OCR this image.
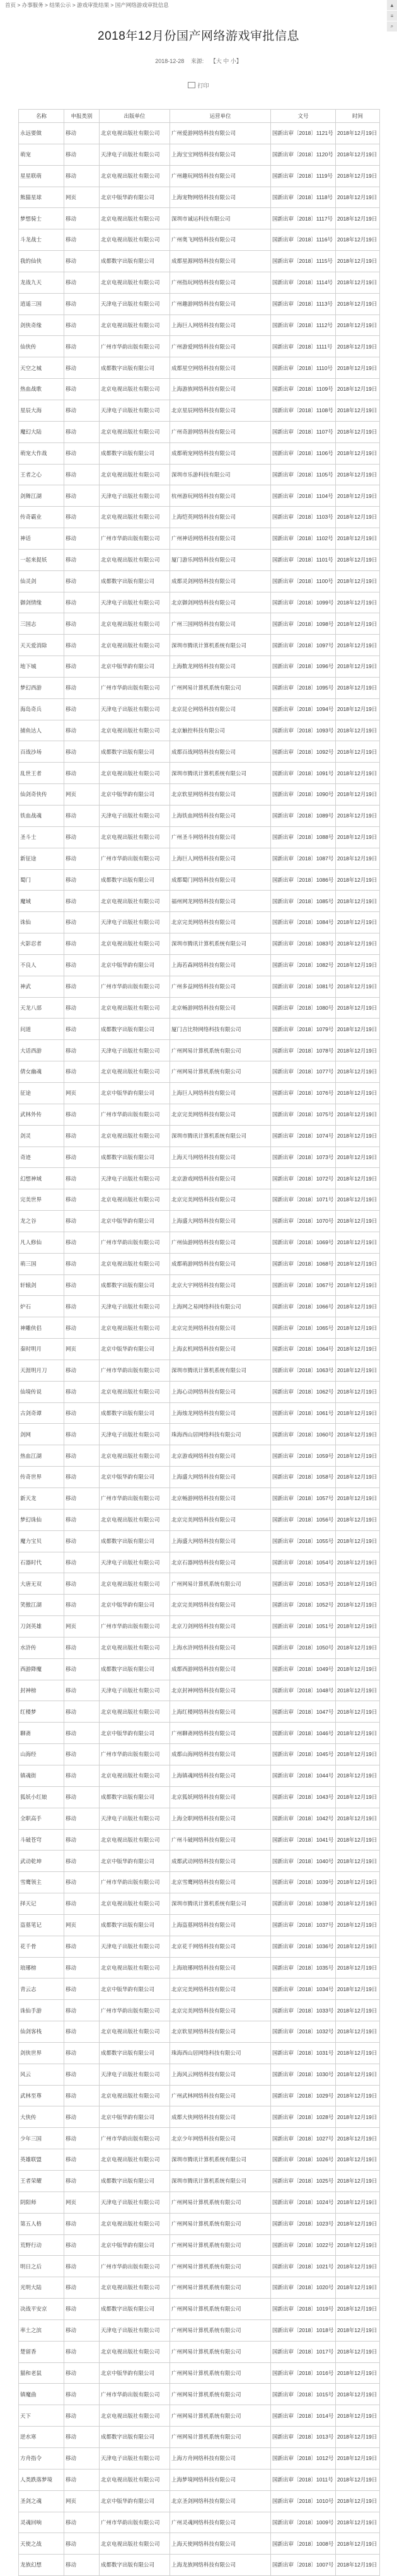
首页 > 办事服务 > 结果公示 > 游戏审批结果 > 国产网络游戏审批信息	▲
≡
⌕
2018年12月份国产网络游戏审批信息
2018-12-28 来源: 【大 中 小】
打印
名称	申报类别	出版单位	运营单位	文号	时间
永远要做	移动	北京电视出版社有限公司	广州爱游网络科技有限公司	国新出审〔2018〕1121号	2018年12月19日
萌宠	移动	天津电子出版社有限公司	上海宝宝网络科技有限公司	国新出审〔2018〕1120号	2018年12月19日
星星联萌	移动	北京电视出版社有限公司	广州趣玩网络科技有限公司	国新出审〔2018〕1119号	2018年12月19日
熊猫星球	网页	北京中版华韵有限公司	上海宠物网络科技有限公司	国新出审〔2018〕1118号	2018年12月19日
梦想骑士	移动	北京电视出版社有限公司	深圳市诚运科技有限公司	国新出审〔2018〕1117号	2018年12月19日
斗龙战士	移动	北京电视出版社有限公司	广州奥飞网络科技有限公司	国新出审〔2018〕1116号	2018年12月19日
我的仙侠	移动	成都数字出版有限公司	成都星源网络科技有限公司	国新出审〔2018〕1115号	2018年12月19日
龙战九天	移动	北京电视出版社有限公司	广州指玩网络科技有限公司	国新出审〔2018〕1114号	2018年12月19日
逍遥三国	移动	天津电子出版社有限公司	广州趣游网络科技有限公司	国新出审〔2018〕1113号	2018年12月19日
剑侠奇缘	移动	北京电视出版社有限公司	上海巨人网络科技有限公司	国新出审〔2018〕1112号	2018年12月19日
仙侠传	移动	广州市华韵出版有限公司	广州游爱网络科技有限公司	国新出审〔2018〕1111号	2018年12月19日
天空之城	移动	成都数字出版有限公司	成都星空网络科技有限公司	国新出审〔2018〕1110号	2018年12月19日
热血战歌	移动	北京电视出版社有限公司	上海游族网络科技有限公司	国新出审〔2018〕1109号	2018年12月19日
星辰大海	移动	天津电子出版社有限公司	北京星辰网络科技有限公司	国新出审〔2018〕1108号	2018年12月19日
魔幻大陆	移动	北京电视出版社有限公司	广州奇游网络科技有限公司	国新出审〔2018〕1107号	2018年12月19日
萌宠大作战	移动	成都数字出版有限公司	成都萌宠网络科技有限公司	国新出审〔2018〕1106号	2018年12月19日
王者之心	移动	北京电视出版社有限公司	深圳市乐游科技有限公司	国新出审〔2018〕1105号	2018年12月19日
剑舞江湖	移动	天津电子出版社有限公司	杭州游玩网络科技有限公司	国新出审〔2018〕1104号	2018年12月19日
传奇霸业	移动	北京电视出版社有限公司	上海恺英网络科技有限公司	国新出审〔2018〕1103号	2018年12月19日
神话	移动	广州市华韵出版有限公司	广州神话网络科技有限公司	国新出审〔2018〕1102号	2018年12月19日
一起来捉妖	移动	北京电视出版社有限公司	厦门游乐网络科技有限公司	国新出审〔2018〕1101号	2018年12月19日
仙灵剑	移动	成都数字出版有限公司	成都灵剑网络科技有限公司	国新出审〔2018〕1100号	2018年12月19日
御剑情缘	移动	天津电子出版社有限公司	北京御剑网络科技有限公司	国新出审〔2018〕1099号	2018年12月19日
三国志	移动	北京电视出版社有限公司	广州三国网络科技有限公司	国新出审〔2018〕1098号	2018年12月19日
天天爱消除	移动	北京电视出版社有限公司	深圳市腾讯计算机系统有限公司	国新出审〔2018〕1097号	2018年12月19日
地下城	移动	北京中版华韵有限公司	上海数龙网络科技有限公司	国新出审〔2018〕1096号	2018年12月19日
梦幻西游	移动	广州市华韵出版有限公司	广州网易计算机系统有限公司	国新出审〔2018〕1095号	2018年12月19日
海岛奇兵	移动	天津电子出版社有限公司	北京昆仑网络科技有限公司	国新出审〔2018〕1094号	2018年12月19日
捕鱼达人	移动	北京电视出版社有限公司	北京触控科技有限公司	国新出审〔2018〕1093号	2018年12月19日
百战沙场	移动	成都数字出版有限公司	成都百战网络科技有限公司	国新出审〔2018〕1092号	2018年12月19日
乱世王者	移动	北京电视出版社有限公司	深圳市腾讯计算机系统有限公司	国新出审〔2018〕1091号	2018年12月19日
仙剑奇侠传	网页	北京中版华韵有限公司	北京软星网络科技有限公司	国新出审〔2018〕1090号	2018年12月19日
铁血战魂	移动	天津电子出版社有限公司	上海铁血网络科技有限公司	国新出审〔2018〕1089号	2018年12月19日
圣斗士	移动	北京电视出版社有限公司	广州圣斗网络科技有限公司	国新出审〔2018〕1088号	2018年12月19日
新征途	移动	广州市华韵出版有限公司	上海巨人网络科技有限公司	国新出审〔2018〕1087号	2018年12月19日
蜀门	移动	成都数字出版有限公司	成都蜀门网络科技有限公司	国新出审〔2018〕1086号	2018年12月19日
魔域	移动	北京电视出版社有限公司	福州网龙网络科技有限公司	国新出审〔2018〕1085号	2018年12月19日
诛仙	移动	天津电子出版社有限公司	北京完美网络科技有限公司	国新出审〔2018〕1084号	2018年12月19日
火影忍者	移动	北京电视出版社有限公司	深圳市腾讯计算机系统有限公司	国新出审〔2018〕1083号	2018年12月19日
不良人	移动	北京中版华韵有限公司	上海若森网络科技有限公司	国新出审〔2018〕1082号	2018年12月19日
神武	移动	广州市华韵出版有限公司	广州多益网络科技有限公司	国新出审〔2018〕1081号	2018年12月19日
天龙八部	移动	北京电视出版社有限公司	北京畅游网络科技有限公司	国新出审〔2018〕1080号	2018年12月19日
问道	移动	成都数字出版有限公司	厦门吉比特网络科技有限公司	国新出审〔2018〕1079号	2018年12月19日
大话西游	移动	天津电子出版社有限公司	广州网易计算机系统有限公司	国新出审〔2018〕1078号	2018年12月19日
倩女幽魂	移动	北京电视出版社有限公司	广州网易计算机系统有限公司	国新出审〔2018〕1077号	2018年12月19日
征途	网页	北京中版华韵有限公司	上海巨人网络科技有限公司	国新出审〔2018〕1076号	2018年12月19日
武林外传	移动	广州市华韵出版有限公司	北京完美网络科技有限公司	国新出审〔2018〕1075号	2018年12月19日
剑灵	移动	北京电视出版社有限公司	深圳市腾讯计算机系统有限公司	国新出审〔2018〕1074号	2018年12月19日
奇迹	移动	成都数字出版有限公司	上海天马网络科技有限公司	国新出审〔2018〕1073号	2018年12月19日
幻想神域	移动	天津电子出版社有限公司	北京游戏网络科技有限公司	国新出审〔2018〕1072号	2018年12月19日
完美世界	移动	北京电视出版社有限公司	北京完美网络科技有限公司	国新出审〔2018〕1071号	2018年12月19日
龙之谷	移动	北京中版华韵有限公司	上海盛大网络科技有限公司	国新出审〔2018〕1070号	2018年12月19日
凡人修仙	移动	广州市华韵出版有限公司	广州仙游网络科技有限公司	国新出审〔2018〕1069号	2018年12月19日
萌三国	移动	北京电视出版社有限公司	成都萌游网络科技有限公司	国新出审〔2018〕1068号	2018年12月19日
轩辕剑	移动	成都数字出版有限公司	北京大宇网络科技有限公司	国新出审〔2018〕1067号	2018年12月19日
炉石	移动	天津电子出版社有限公司	上海网之易网络科技有限公司	国新出审〔2018〕1066号	2018年12月19日
神雕侠侣	移动	北京电视出版社有限公司	北京完美网络科技有限公司	国新出审〔2018〕1065号	2018年12月19日
秦时明月	网页	北京中版华韵有限公司	上海玄机网络科技有限公司	国新出审〔2018〕1064号	2018年12月19日
天涯明月刀	移动	广州市华韵出版有限公司	深圳市腾讯计算机系统有限公司	国新出审〔2018〕1063号	2018年12月19日
仙境传说	移动	北京电视出版社有限公司	上海心动网络科技有限公司	国新出审〔2018〕1062号	2018年12月19日
古剑奇谭	移动	成都数字出版有限公司	上海烛龙网络科技有限公司	国新出审〔2018〕1061号	2018年12月19日
剑网	移动	天津电子出版社有限公司	珠海西山居网络科技有限公司	国新出审〔2018〕1060号	2018年12月19日
热血江湖	移动	北京电视出版社有限公司	北京游戏网络科技有限公司	国新出审〔2018〕1059号	2018年12月19日
传奇世界	移动	北京中版华韵有限公司	上海盛大网络科技有限公司	国新出审〔2018〕1058号	2018年12月19日
新天龙	移动	广州市华韵出版有限公司	北京畅游网络科技有限公司	国新出审〔2018〕1057号	2018年12月19日
梦幻诛仙	移动	北京电视出版社有限公司	北京完美网络科技有限公司	国新出审〔2018〕1056号	2018年12月19日
魔力宝贝	移动	成都数字出版有限公司	上海盛大网络科技有限公司	国新出审〔2018〕1055号	2018年12月19日
石器时代	移动	天津电子出版社有限公司	北京石器网络科技有限公司	国新出审〔2018〕1054号	2018年12月19日
大唐无双	移动	北京电视出版社有限公司	广州网易计算机系统有限公司	国新出审〔2018〕1053号	2018年12月19日
笑傲江湖	移动	北京中版华韵有限公司	北京完美网络科技有限公司	国新出审〔2018〕1052号	2018年12月19日
刀剑英雄	网页	广州市华韵出版有限公司	北京刀剑网络科技有限公司	国新出审〔2018〕1051号	2018年12月19日
水浒传	移动	北京电视出版社有限公司	上海水浒网络科技有限公司	国新出审〔2018〕1050号	2018年12月19日
西游降魔	移动	成都数字出版有限公司	成都西游网络科技有限公司	国新出审〔2018〕1049号	2018年12月19日
封神榜	移动	天津电子出版社有限公司	北京封神网络科技有限公司	国新出审〔2018〕1048号	2018年12月19日
红楼梦	移动	北京电视出版社有限公司	上海红楼网络科技有限公司	国新出审〔2018〕1047号	2018年12月19日
聊斋	移动	北京中版华韵有限公司	广州聊斋网络科技有限公司	国新出审〔2018〕1046号	2018年12月19日
山海经	移动	广州市华韵出版有限公司	成都山海网络科技有限公司	国新出审〔2018〕1045号	2018年12月19日
镇魂街	移动	北京电视出版社有限公司	上海镇魂网络科技有限公司	国新出审〔2018〕1044号	2018年12月19日
狐妖小红娘	移动	成都数字出版有限公司	北京狐妖网络科技有限公司	国新出审〔2018〕1043号	2018年12月19日
全职高手	移动	天津电子出版社有限公司	上海全职网络科技有限公司	国新出审〔2018〕1042号	2018年12月19日
斗破苍穹	移动	北京电视出版社有限公司	广州斗破网络科技有限公司	国新出审〔2018〕1041号	2018年12月19日
武动乾坤	移动	北京中版华韵有限公司	成都武动网络科技有限公司	国新出审〔2018〕1040号	2018年12月19日
雪鹰领主	移动	广州市华韵出版有限公司	北京雪鹰网络科技有限公司	国新出审〔2018〕1039号	2018年12月19日
择天记	移动	北京电视出版社有限公司	深圳市腾讯计算机系统有限公司	国新出审〔2018〕1038号	2018年12月19日
盗墓笔记	网页	成都数字出版有限公司	上海盗墓网络科技有限公司	国新出审〔2018〕1037号	2018年12月19日
花千骨	移动	天津电子出版社有限公司	北京花千网络科技有限公司	国新出审〔2018〕1036号	2018年12月19日
琅琊榜	移动	北京电视出版社有限公司	上海琅琊网络科技有限公司	国新出审〔2018〕1035号	2018年12月19日
青云志	移动	北京中版华韵有限公司	北京完美网络科技有限公司	国新出审〔2018〕1034号	2018年12月19日
诛仙手游	移动	广州市华韵出版有限公司	北京完美网络科技有限公司	国新出审〔2018〕1033号	2018年12月19日
仙剑客栈	移动	北京电视出版社有限公司	北京软星网络科技有限公司	国新出审〔2018〕1032号	2018年12月19日
剑侠世界	移动	成都数字出版有限公司	珠海西山居网络科技有限公司	国新出审〔2018〕1031号	2018年12月19日
风云	移动	天津电子出版社有限公司	上海风云网络科技有限公司	国新出审〔2018〕1030号	2018年12月19日
武林至尊	移动	北京电视出版社有限公司	广州武林网络科技有限公司	国新出审〔2018〕1029号	2018年12月19日
大侠传	移动	北京中版华韵有限公司	成都大侠网络科技有限公司	国新出审〔2018〕1028号	2018年12月19日
少年三国	移动	广州市华韵出版有限公司	北京少年网络科技有限公司	国新出审〔2018〕1027号	2018年12月19日
英雄联盟	移动	北京电视出版社有限公司	深圳市腾讯计算机系统有限公司	国新出审〔2018〕1026号	2018年12月19日
王者荣耀	移动	成都数字出版有限公司	深圳市腾讯计算机系统有限公司	国新出审〔2018〕1025号	2018年12月19日
阴阳师	网页	天津电子出版社有限公司	广州网易计算机系统有限公司	国新出审〔2018〕1024号	2018年12月19日
第五人格	移动	北京电视出版社有限公司	广州网易计算机系统有限公司	国新出审〔2018〕1023号	2018年12月19日
荒野行动	移动	北京中版华韵有限公司	广州网易计算机系统有限公司	国新出审〔2018〕1022号	2018年12月19日
明日之后	移动	广州市华韵出版有限公司	广州网易计算机系统有限公司	国新出审〔2018〕1021号	2018年12月19日
光明大陆	移动	北京电视出版社有限公司	广州网易计算机系统有限公司	国新出审〔2018〕1020号	2018年12月19日
决战平安京	移动	成都数字出版有限公司	广州网易计算机系统有限公司	国新出审〔2018〕1019号	2018年12月19日
率土之滨	移动	天津电子出版社有限公司	广州网易计算机系统有限公司	国新出审〔2018〕1018号	2018年12月19日
楚留香	移动	北京电视出版社有限公司	广州网易计算机系统有限公司	国新出审〔2018〕1017号	2018年12月19日
猫和老鼠	移动	北京中版华韵有限公司	广州网易计算机系统有限公司	国新出审〔2018〕1016号	2018年12月19日
镇魔曲	移动	广州市华韵出版有限公司	广州网易计算机系统有限公司	国新出审〔2018〕1015号	2018年12月19日
天下	移动	北京电视出版社有限公司	广州网易计算机系统有限公司	国新出审〔2018〕1014号	2018年12月19日
逆水寒	移动	成都数字出版有限公司	广州网易计算机系统有限公司	国新出审〔2018〕1013号	2018年12月19日
方舟指令	移动	天津电子出版社有限公司	上海方舟网络科技有限公司	国新出审〔2018〕1012号	2018年12月19日
人类跌落梦境	移动	北京电视出版社有限公司	上海梦境网络科技有限公司	国新出审〔2018〕1011号	2018年12月19日
圣剑之魂	网页	北京中版华韵有限公司	北京圣剑网络科技有限公司	国新出审〔2018〕1010号	2018年12月19日
灵魂回响	移动	广州市华韵出版有限公司	广州灵魂网络科技有限公司	国新出审〔2018〕1009号	2018年12月19日
天使之战	移动	北京电视出版社有限公司	上海天使网络科技有限公司	国新出审〔2018〕1008号	2018年12月19日
龙族幻想	移动	成都数字出版有限公司	上海龙族网络科技有限公司	国新出审〔2018〕1007号	2018年12月19日
